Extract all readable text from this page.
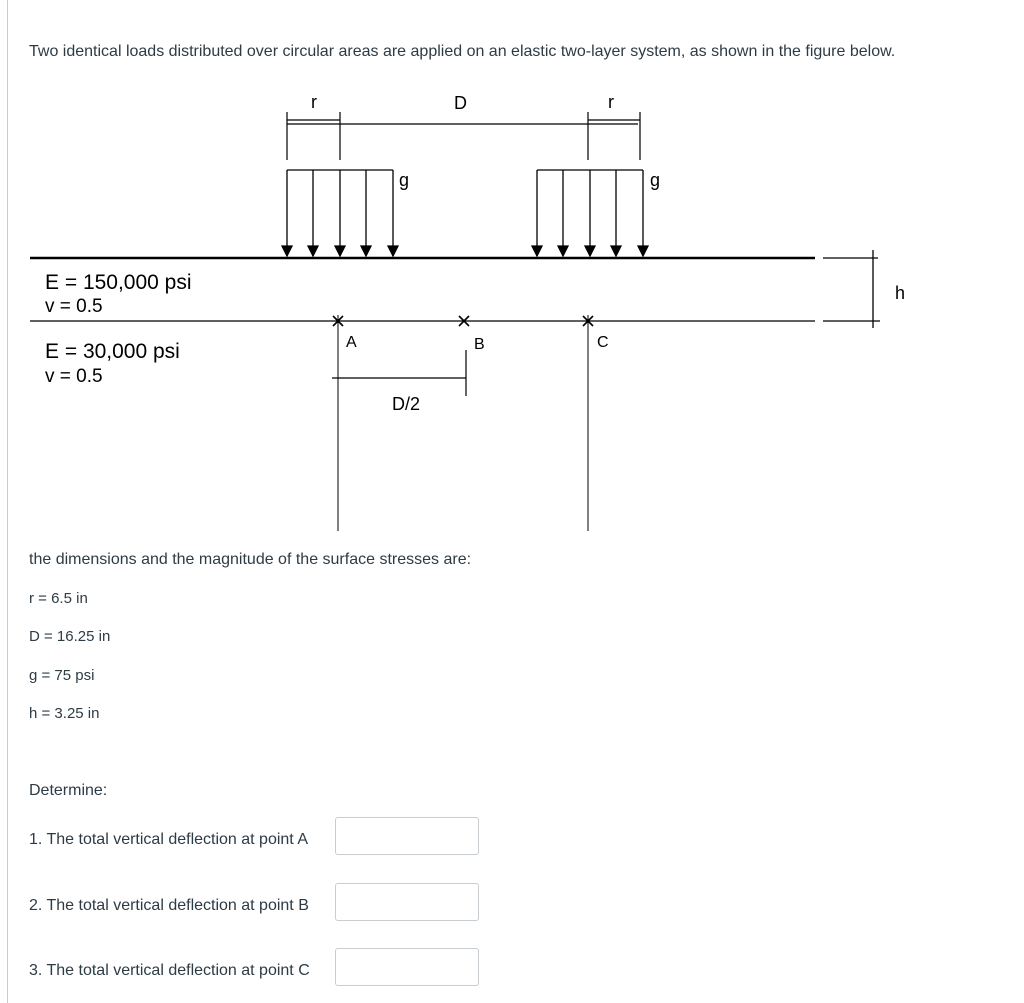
Two identical loads distributed over circular areas are applied on an elastic two-layer system, as shown in the figure below.
r	D	r
g	g
h
E = 150,000 psi
v = 0.5
E = 30,000 psi
v = 0.5
A	B	C
D/2
the dimensions and the magnitude of the surface stresses are:
r = 6.5 in
D = 16.25 in
g = 75 psi
h = 3.25 in
Determine:
1. The total vertical deflection at point A
2. The total vertical deflection at point B
3. The total vertical deflection at point C
